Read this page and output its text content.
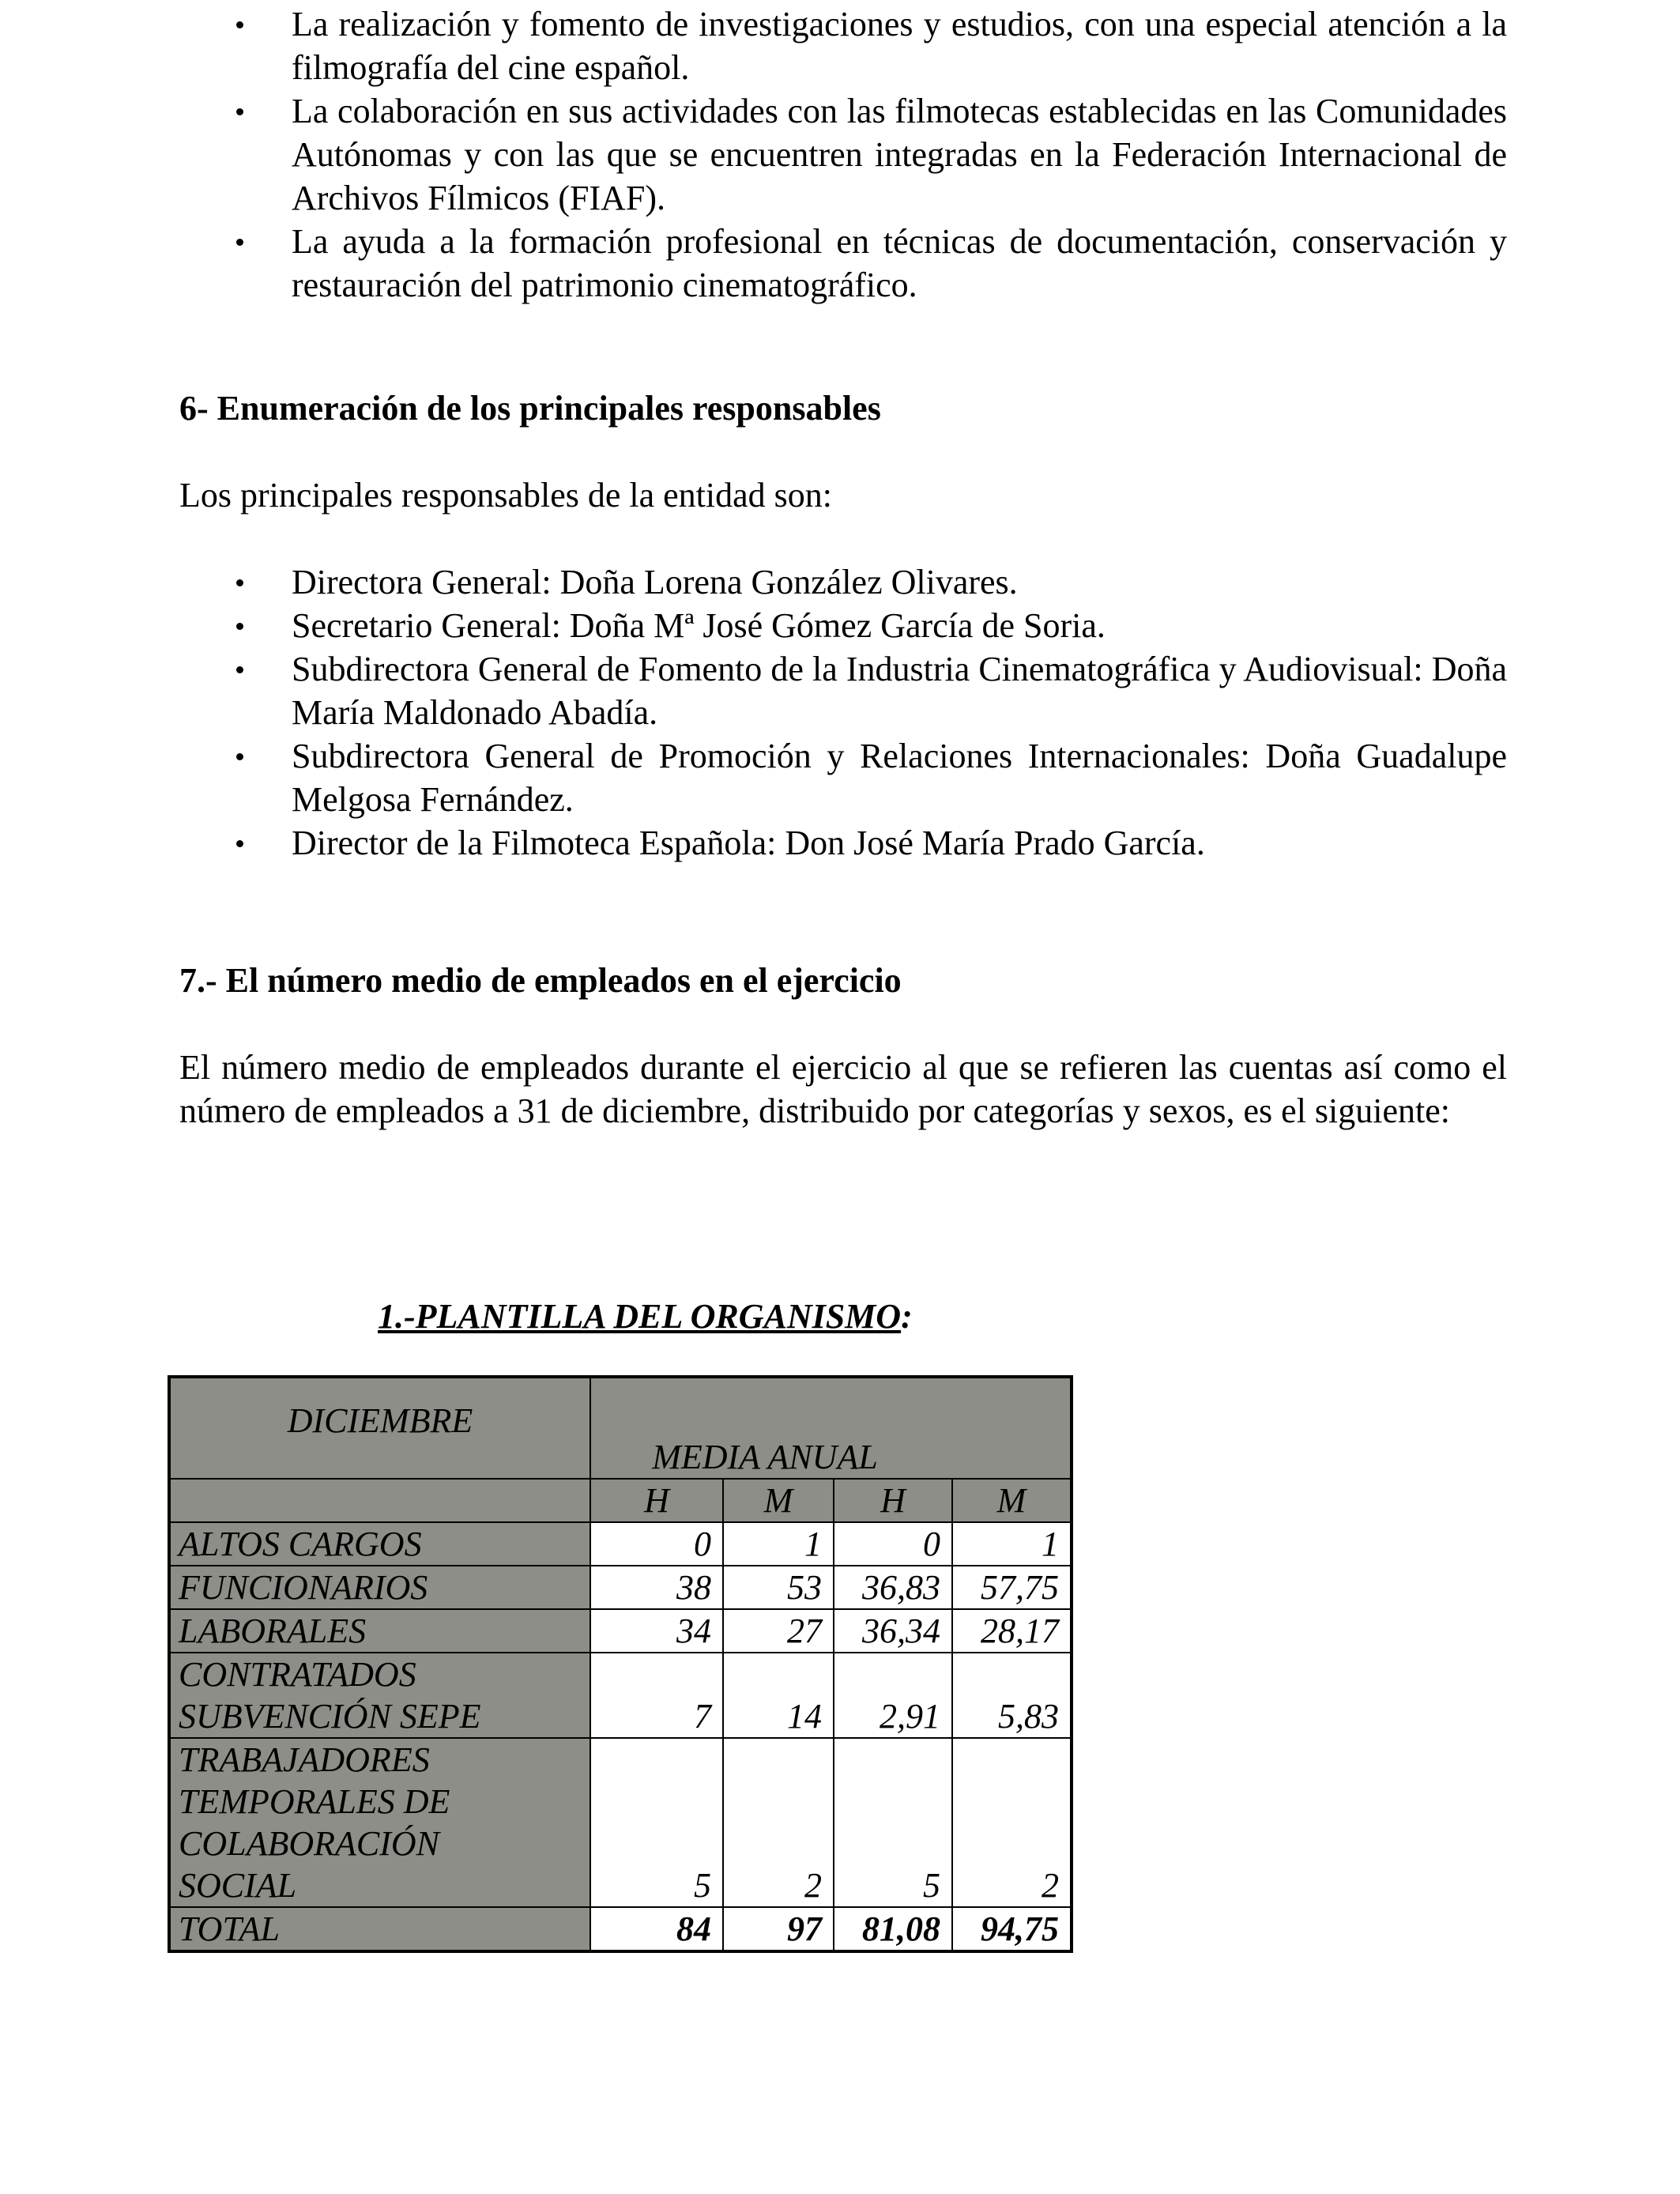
La realización y fomento de investigaciones y estudios, con una especial atención a la filmografía del cine español.
La colaboración en sus actividades con las filmotecas establecidas en las Comunidades Autónomas y con las que se encuentren integradas en la Federación Internacional de Archivos Fílmicos (FIAF).
La ayuda a la formación profesional en técnicas de documentación, conservación y restauración del patrimonio cinematográfico.
6- Enumeración de los principales responsables
Los principales responsables de la entidad son:
Directora General: Doña Lorena González Olivares.
Secretario General: Doña Mª José Gómez García de Soria.
Subdirectora General de Fomento de la Industria Cinematográfica y Audiovisual: Doña María Maldonado Abadía.
Subdirectora General de Promoción y Relaciones Internacionales: Doña Guadalupe Melgosa Fernández.
Director de la Filmoteca Española: Don José María Prado García.
7.- El número medio de empleados en el ejercicio
El número medio de empleados durante el ejercicio al que se refieren las cuentas así como el número de empleados a 31 de diciembre, distribuido por categorías y sexos, es el siguiente:
1.-PLANTILLA DEL ORGANISMO:
DICIEMBRE	MEDIA ANUAL			
	H	M	H	M
ALTOS CARGOS	0	1	0	1
FUNCIONARIOS	38	53	36,83	57,75
LABORALES	34	27	36,34	28,17

CONTRATADOS
SUBVENCIÓN SEPE	7	14	2,91	5,83

TRABAJADORES
TEMPORALES DE
COLABORACIÓN
SOCIAL	5	2	5	2
TOTAL	84	97	81,08	94,75
